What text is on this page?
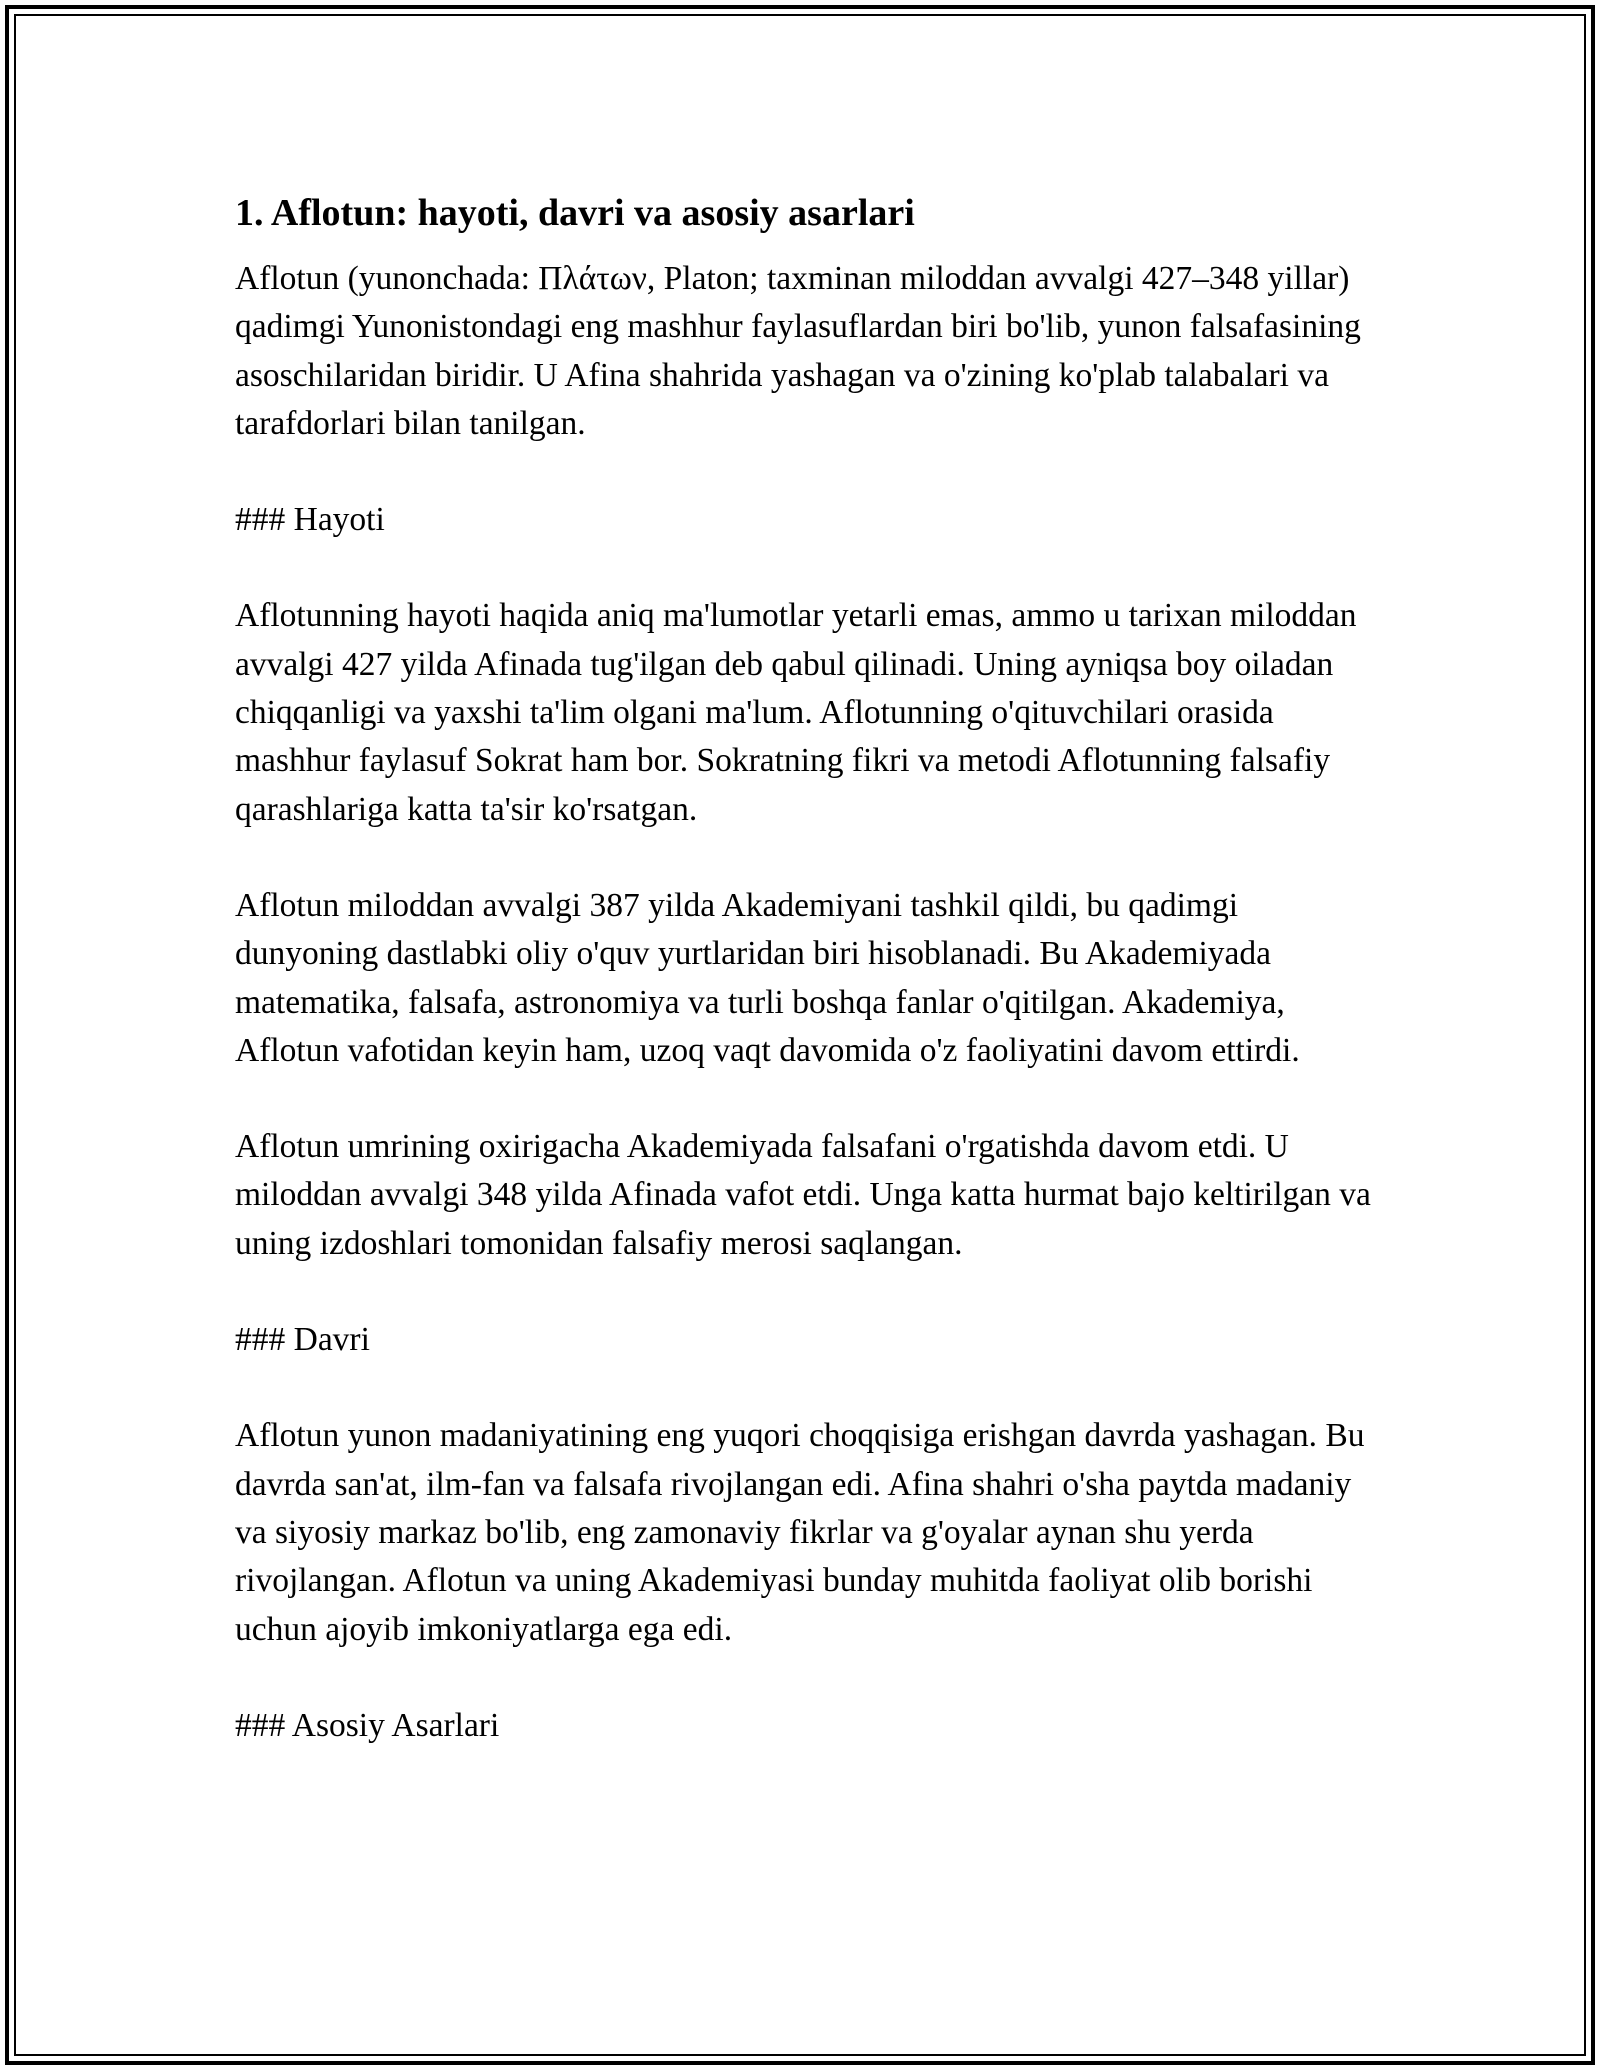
1. Aflotun: hayoti, davri va asosiy asarlari

Aflotun (yunonchada: Πλάτων, Platon; taxminan miloddan avvalgi 427–348 yillar) qadimgi Yunonistondagi eng mashhur faylasuflardan biri bo'lib, yunon falsafasining asoschilaridan biridir. U Afina shahrida yashagan va o'zining ko'plab talabalari va tarafdorlari bilan tanilgan.

### Hayoti

Aflotunning hayoti haqida aniq ma'lumotlar yetarli emas, ammo u tarixan miloddan avvalgi 427 yilda Afinada tug'ilgan deb qabul qilinadi. Uning ayniqsa boy oiladan chiqqanligi va yaxshi ta'lim olgani ma'lum. Aflotunning o'qituvchilari orasida mashhur faylasuf Sokrat ham bor. Sokratning fikri va metodi Aflotunning falsafiy qarashlariga katta ta'sir ko'rsatgan.

Aflotun miloddan avvalgi 387 yilda Akademiyani tashkil qildi, bu qadimgi dunyoning dastlabki oliy o'quv yurtlaridan biri hisoblanadi. Bu Akademiyada matematika, falsafa, astronomiya va turli boshqa fanlar o'qitilgan. Akademiya, Aflotun vafotidan keyin ham, uzoq vaqt davomida o'z faoliyatini davom ettirdi.

Aflotun umrining oxirigacha Akademiyada falsafani o'rgatishda davom etdi. U miloddan avvalgi 348 yilda Afinada vafot etdi. Unga katta hurmat bajo keltirilgan va uning izdoshlari tomonidan falsafiy merosi saqlangan.

### Davri

Aflotun yunon madaniyatining eng yuqori choqqisiga erishgan davrda yashagan. Bu davrda san'at, ilm-fan va falsafa rivojlangan edi. Afina shahri o'sha paytda madaniy va siyosiy markaz bo'lib, eng zamonaviy fikrlar va g'oyalar aynan shu yerda rivojlangan. Aflotun va uning Akademiyasi bunday muhitda faoliyat olib borishi uchun ajoyib imkoniyatlarga ega edi.

### Asosiy Asarlari
